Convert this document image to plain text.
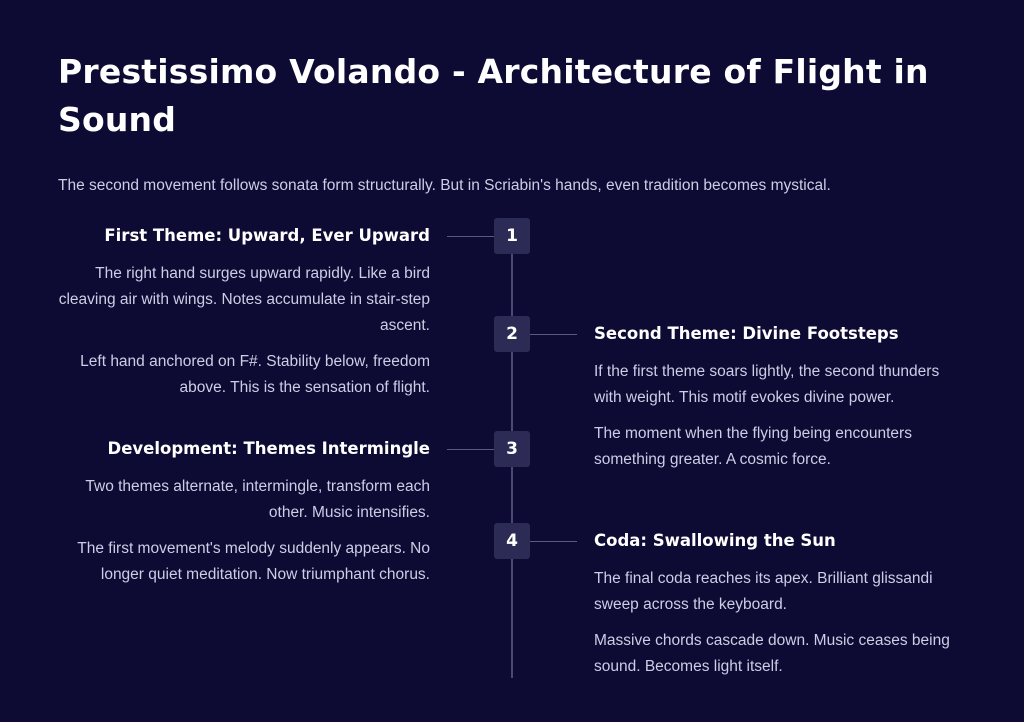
Prestissimo Volando - Architecture of Flight in Sound

The second movement follows sonata form structurally. But in Scriabin's hands, even tradition becomes mystical.

1
2
3
4
First Theme: Upward, Ever Upward

The right hand surges upward rapidly. Like a bird cleaving air with wings. Notes accumulate in stair-step ascent.

Left hand anchored on F#. Stability below, freedom above. This is the sensation of flight.

Second Theme: Divine Footsteps

If the first theme soars lightly, the second thunders with weight. This motif evokes divine power.

The moment when the flying being encounters something greater. A cosmic force.

Development: Themes Intermingle

Two themes alternate, intermingle, transform each other. Music intensifies.

The first movement's melody suddenly appears. No longer quiet meditation. Now triumphant chorus.

Coda: Swallowing the Sun

The final coda reaches its apex. Brilliant glissandi sweep across the keyboard.

Massive chords cascade down. Music ceases being sound. Becomes light itself.
